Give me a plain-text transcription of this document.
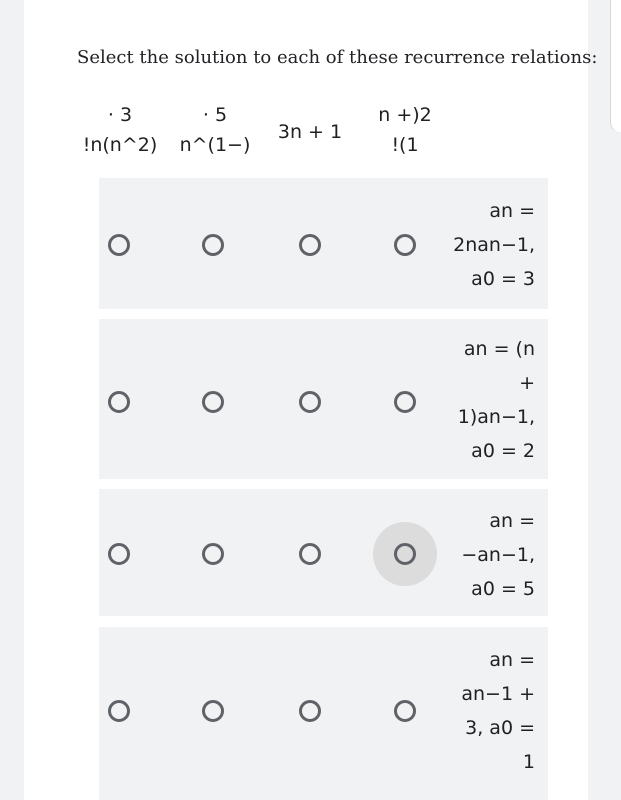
Select the solution to each of these recurrence relations:
· 3
!n(n^2)
· 5
n^(1−)
3n + 1
n +)2
!(1
an =
2nan−1,
a0 = 3
an = (n
+
1)an−1,
a0 = 2
an =
−an−1,
a0 = 5
an =
an−1 +
3, a0 =
1
